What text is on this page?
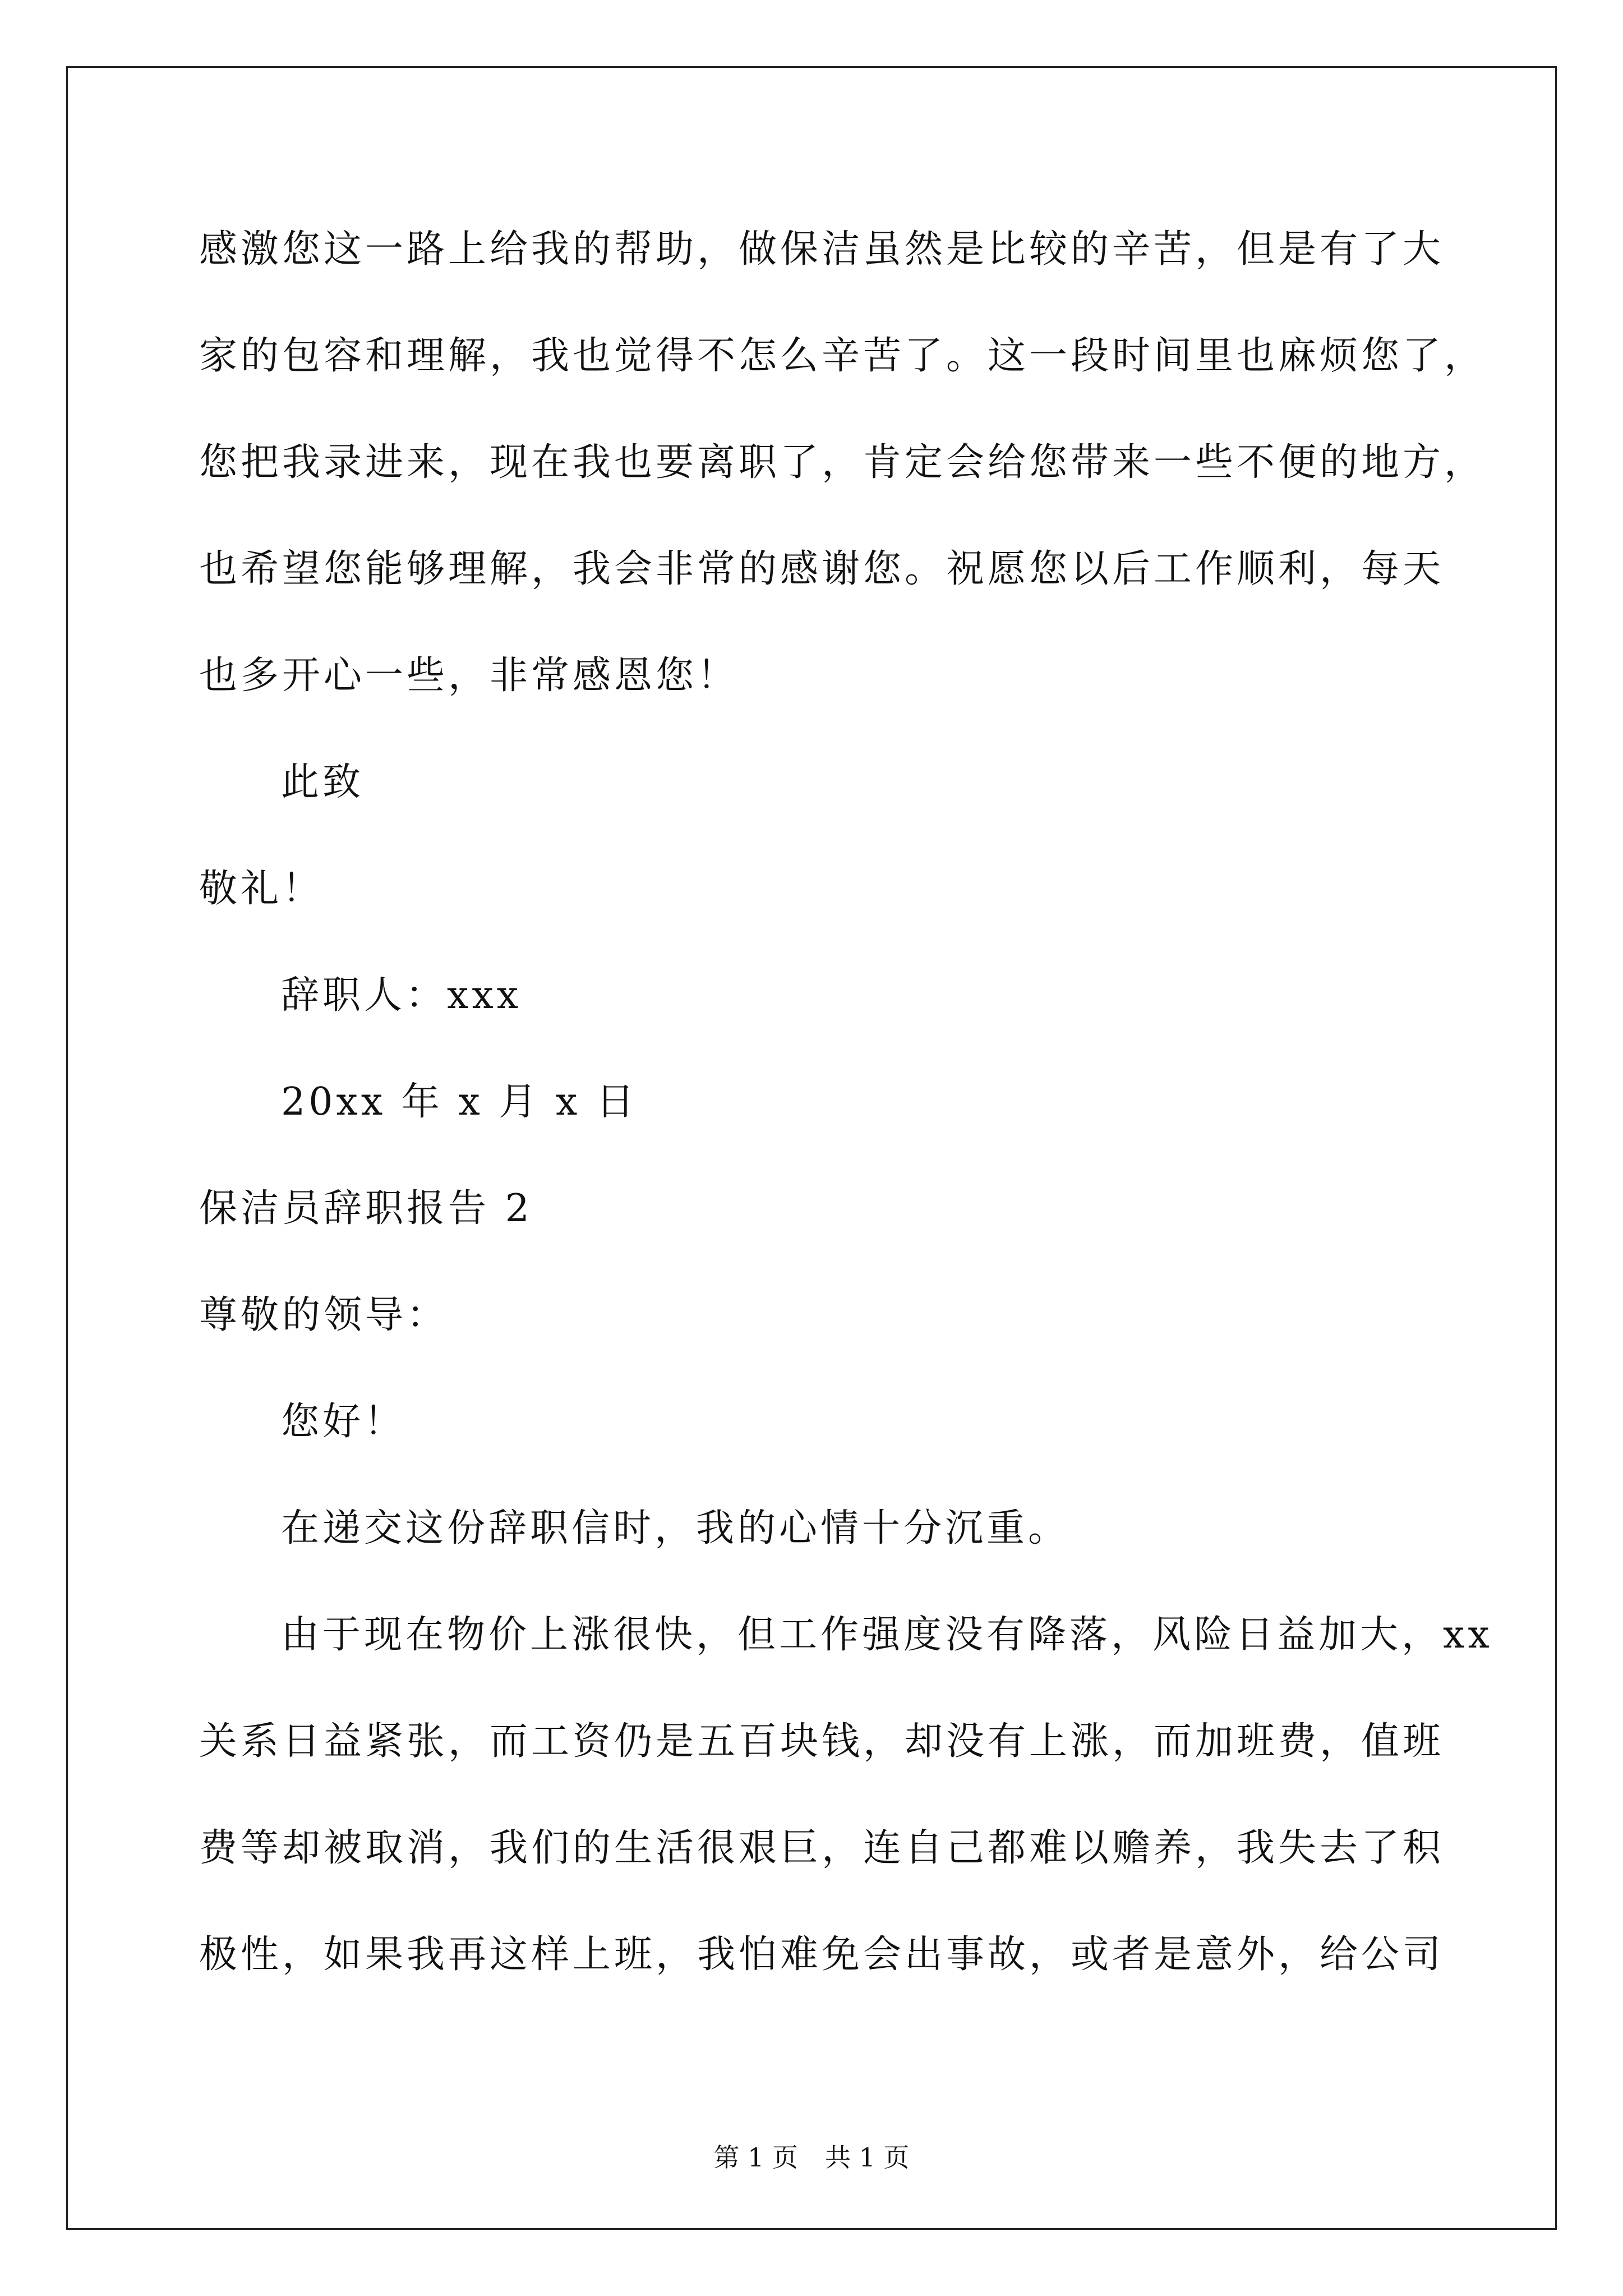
感激您这一路上给我的帮助，做保洁虽然是比较的辛苦，但是有了大

家的包容和理解，我也觉得不怎么辛苦了。这一段时间里也麻烦您了，

您把我录进来，现在我也要离职了，肯定会给您带来一些不便的地方，

也希望您能够理解，我会非常的感谢您。祝愿您以后工作顺利，每天

也多开心一些，非常感恩您！

此致

敬礼！

辞职人：xxx

20xx 年 x 月 x 日

保洁员辞职报告 2

尊敬的领导：

您好！

在递交这份辞职信时，我的心情十分沉重。

由于现在物价上涨很快，但工作强度没有降落，风险日益加大，xx

关系日益紧张，而工资仍是五百块钱，却没有上涨，而加班费，值班

费等却被取消，我们的生活很艰巨，连自己都难以赡养，我失去了积

极性，如果我再这样上班，我怕难免会出事故，或者是意外，给公司

第 1 页 共 1 页
